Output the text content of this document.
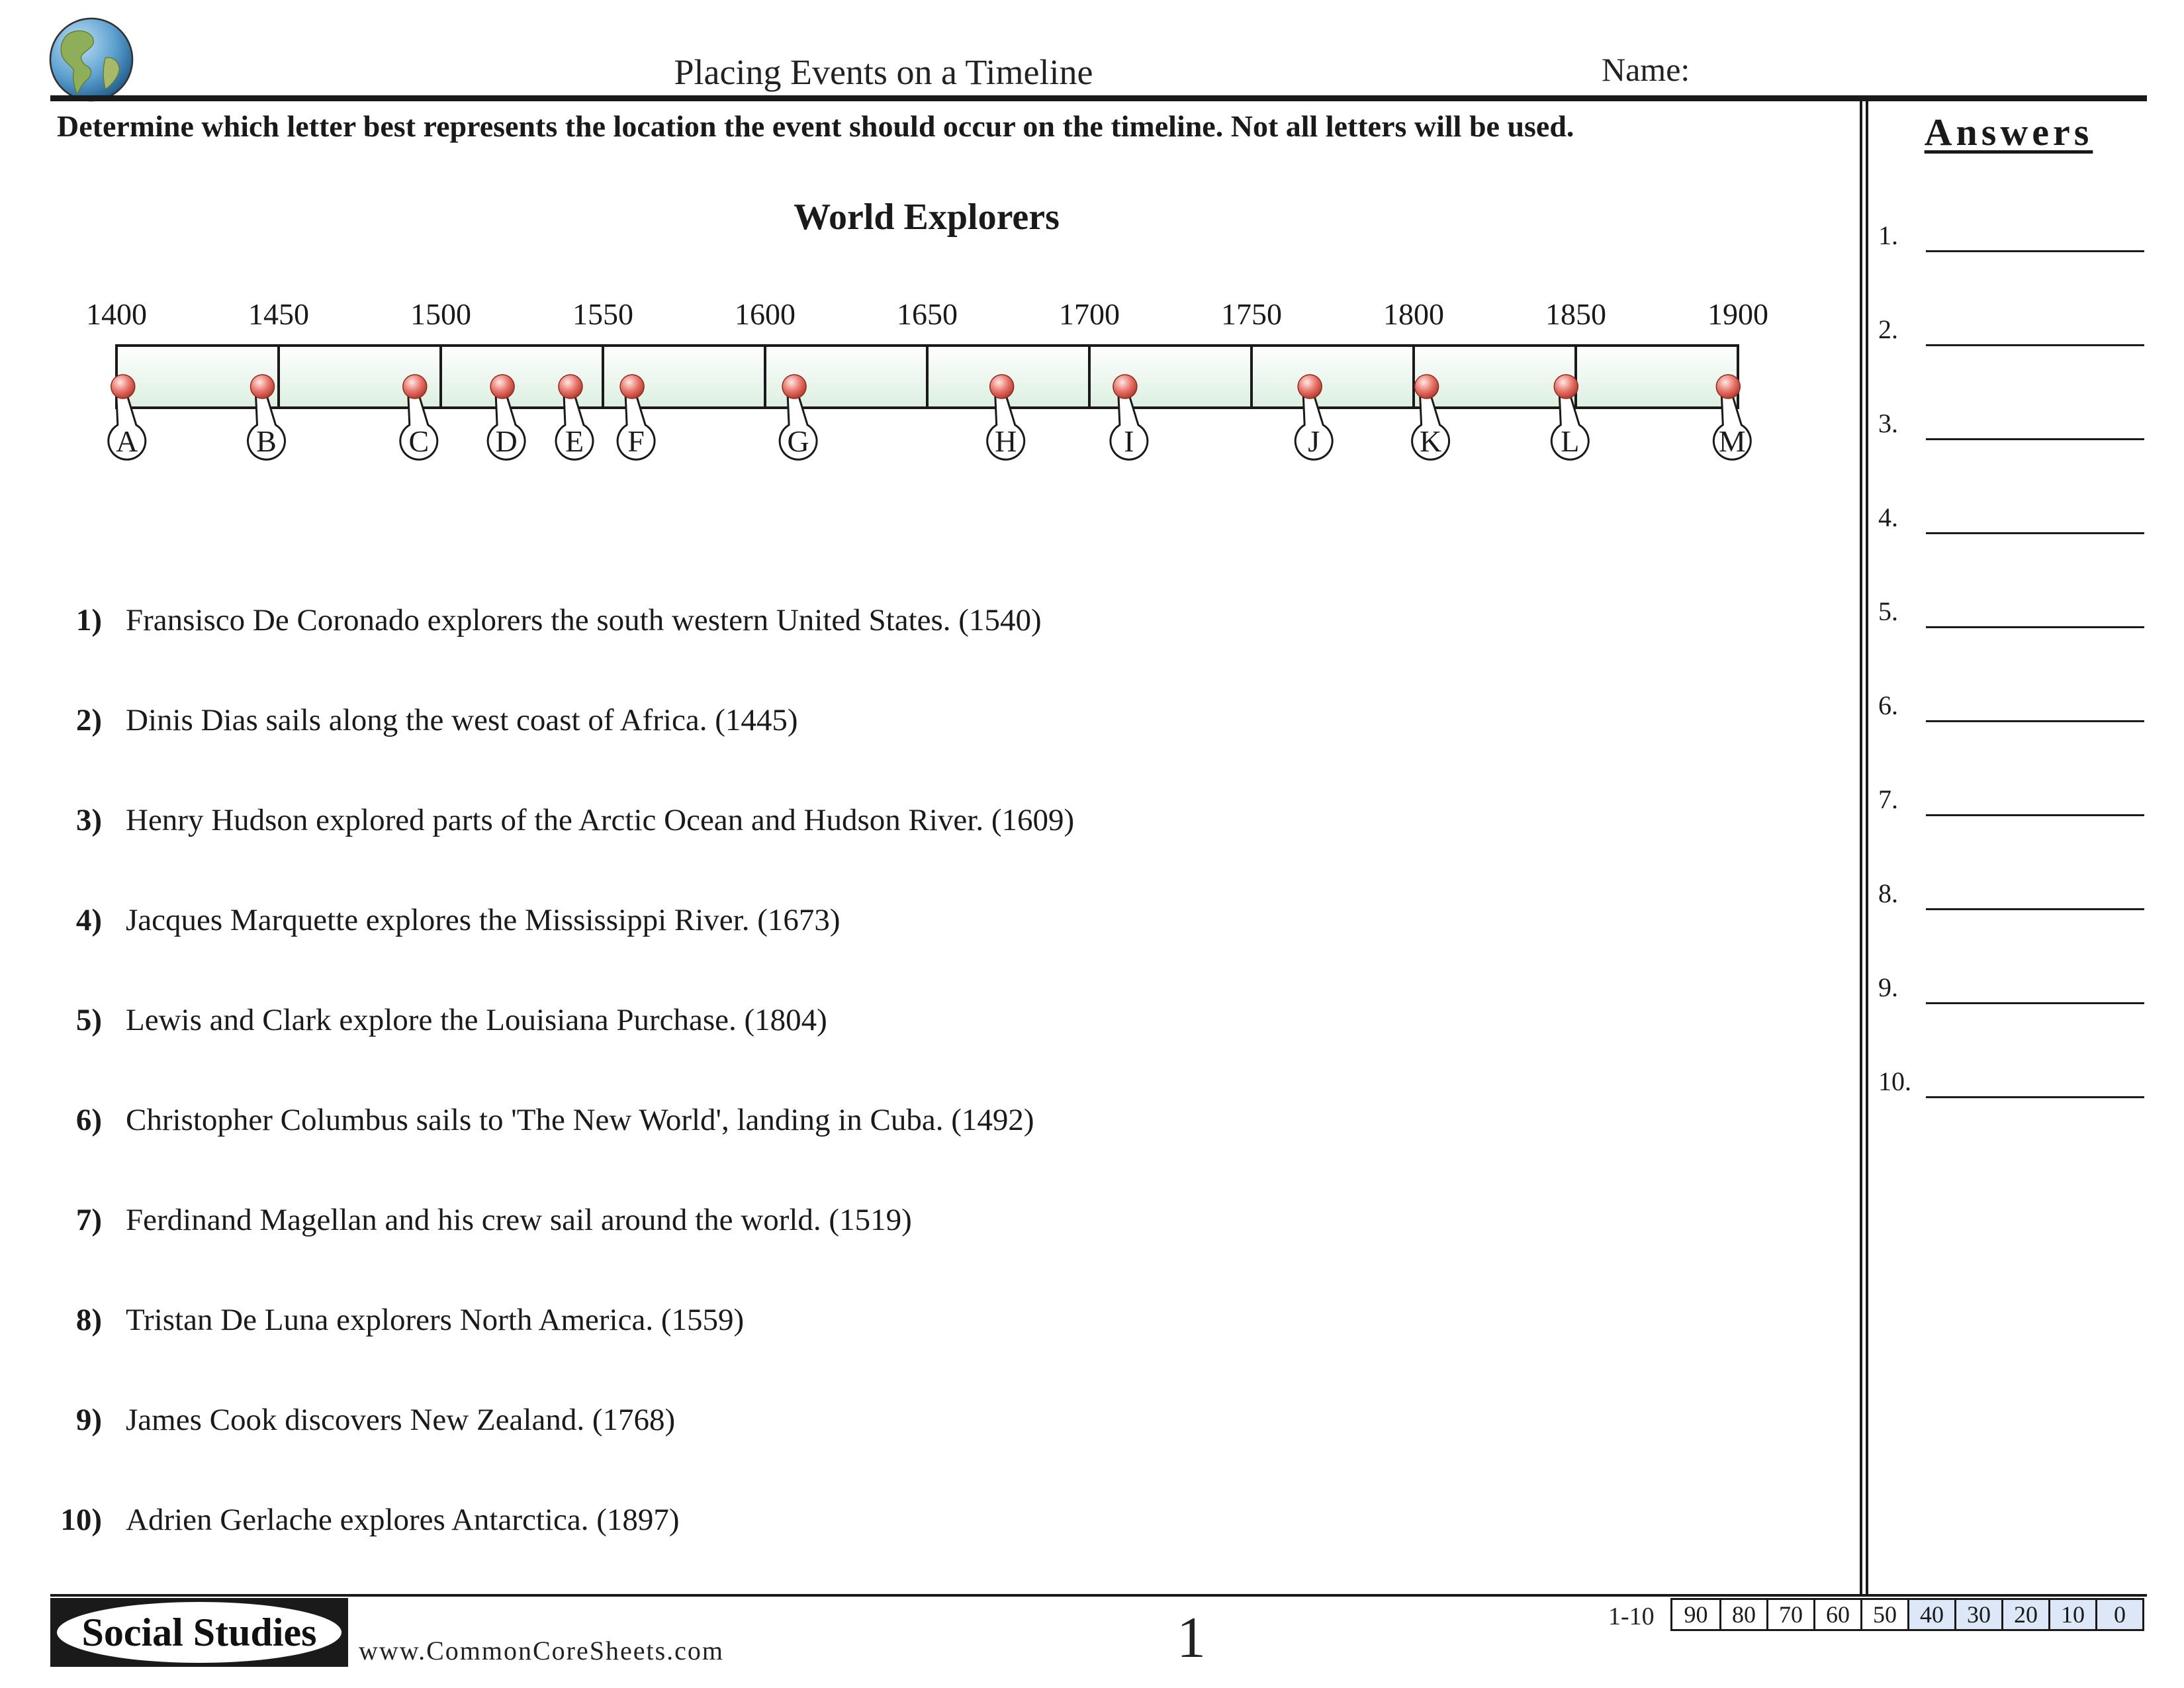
Placing Events on a Timeline	Name:
Determine which letter best represents the location the event should occur on the timeline. Not all letters will be used.	Answers
1.
2.
3.
4.
5.
6.
7.
8.
9.
10.
World Explorers
1400	1450	1500	1550	1600	1650	1700	1750	1800	1850	1900
A	B	C D E F	G	H	I	J	K	L	M
1) Fransisco De Coronado explorers the south western United States. (1540)
2) Dinis Dias sails along the west coast of Africa. (1445)
3) Henry Hudson explored parts of the Arctic Ocean and Hudson River. (1609)
4) Jacques Marquette explores the Mississippi River. (1673)
5) Lewis and Clark explore the Louisiana Purchase. (1804)
6) Christopher Columbus sails to 'The New World', landing in Cuba. (1492)
7) Ferdinand Magellan and his crew sail around the world. (1519)
8) Tristan De Luna explorers North America. (1559)
9) James Cook discovers New Zealand. (1768)
10) Adrien Gerlache explores Antarctica. (1897)
Social Studies	www.CommonCoreSheets.com	1	1-10	90	80 70 60 50 40 30 20 10	0
